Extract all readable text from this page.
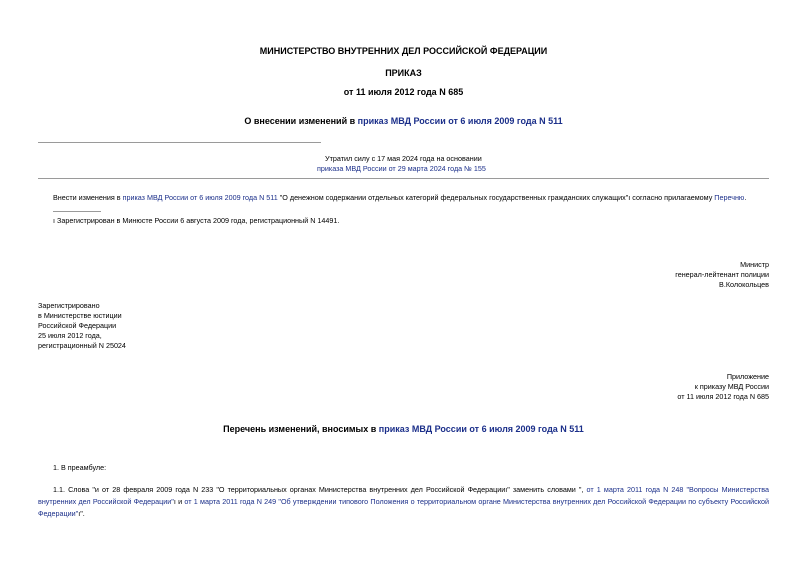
МИНИСТЕРСТВО ВНУТРЕННИХ ДЕЛ РОССИЙСКОЙ ФЕДЕРАЦИИ
ПРИКАЗ
от 11 июля 2012 года N 685
О внесении изменений в приказ МВД России от 6 июля 2009 года N 511
Утратил силу с 17 мая 2024 года на основании
приказа МВД России от 29 марта 2024 года № 155
Внести изменения в приказ МВД России от 6 июля 2009 года N 511 "О денежном содержании отдельных категорий федеральных государственных гражданских служащих"ı согласно прилагаемому Перечню.
ı Зарегистрирован в Минюсте России 6 августа 2009 года, регистрационный N 14491.
Министр
генерал-лейтенант полиции
В.Колокольцев
Зарегистрировано
в Министерстве юстиции
Российской Федерации
25 июля 2012 года,
регистрационный N 25024
Приложение
к приказу МВД России
от 11 июля 2012 года N 685
Перечень изменений, вносимых в приказ МВД России от 6 июля 2009 года N 511
1. В преамбуле:
1.1. Слова "и от 28 февраля 2009 года N 233 "О территориальных органах Министерства внутренних дел Российской Федерацииı" заменить словами ", от 1 марта 2011 года N 248 "Вопросы Министерства внутренних дел Российской Федерации"ı и от 1 марта 2011 года N 249 "Об утверждении типового Положения о территориальном органе Министерства внутренних дел Российской Федерации по субъекту Российской Федерации"ı".
